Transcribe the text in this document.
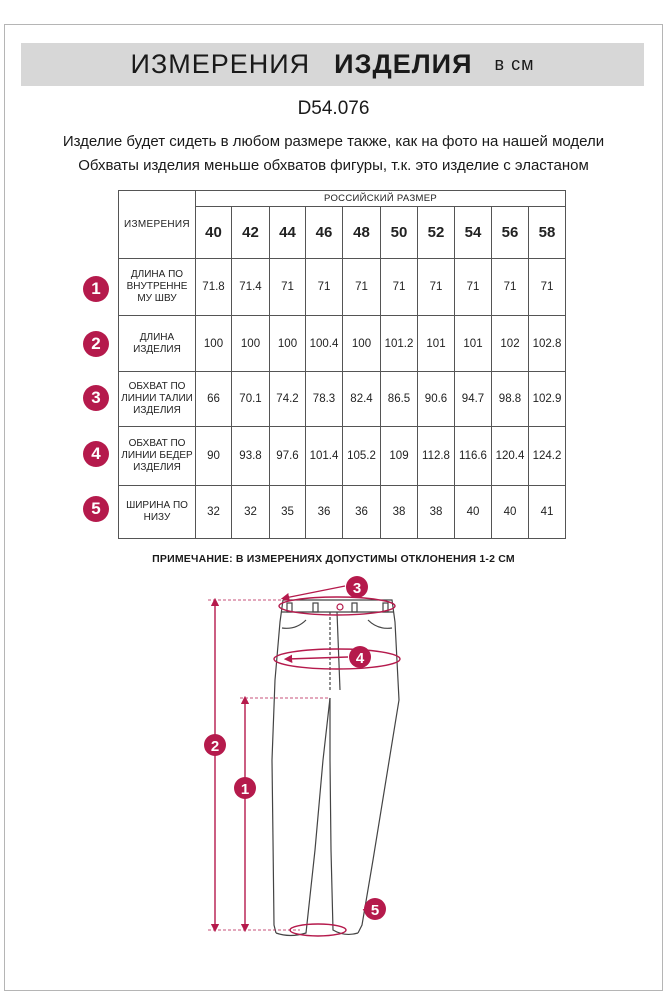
ИЗМЕРЕНИЯ ИЗДЕЛИЯ в см
D54.076
Изделие будет сидеть в любом размере также, как на фото на нашей модели
Обхваты изделия меньше обхватов фигуры, т.к. это изделие с эластаном
ИЗМЕРЕНИЯ	РОССИЙСКИЙ РАЗМЕР									
	40	42	44	46	48	50	52	54	56	58
ДЛИНА ПО ВНУТРЕННЕ МУ ШВУ	71.8	71.4	71	71	71	71	71	71	71	71
ДЛИНА ИЗДЕЛИЯ	100	100	100	100.4	100	101.2	101	101	102	102.8
ОБХВАТ ПО ЛИНИИ ТАЛИИ ИЗДЕЛИЯ	66	70.1	74.2	78.3	82.4	86.5	90.6	94.7	98.8	102.9
ОБХВАТ ПО ЛИНИИ БЕДЕР ИЗДЕЛИЯ	90	93.8	97.6	101.4	105.2	109	112.8	116.6	120.4	124.2
ШИРИНА ПО НИЗУ	32	32	35	36	36	38	38	40	40	41
1
2
3
4
5
ПРИМЕЧАНИЕ: В ИЗМЕРЕНИЯХ ДОПУСТИМЫ ОТКЛОНЕНИЯ 1-2 СМ
3
4
2
1
5
